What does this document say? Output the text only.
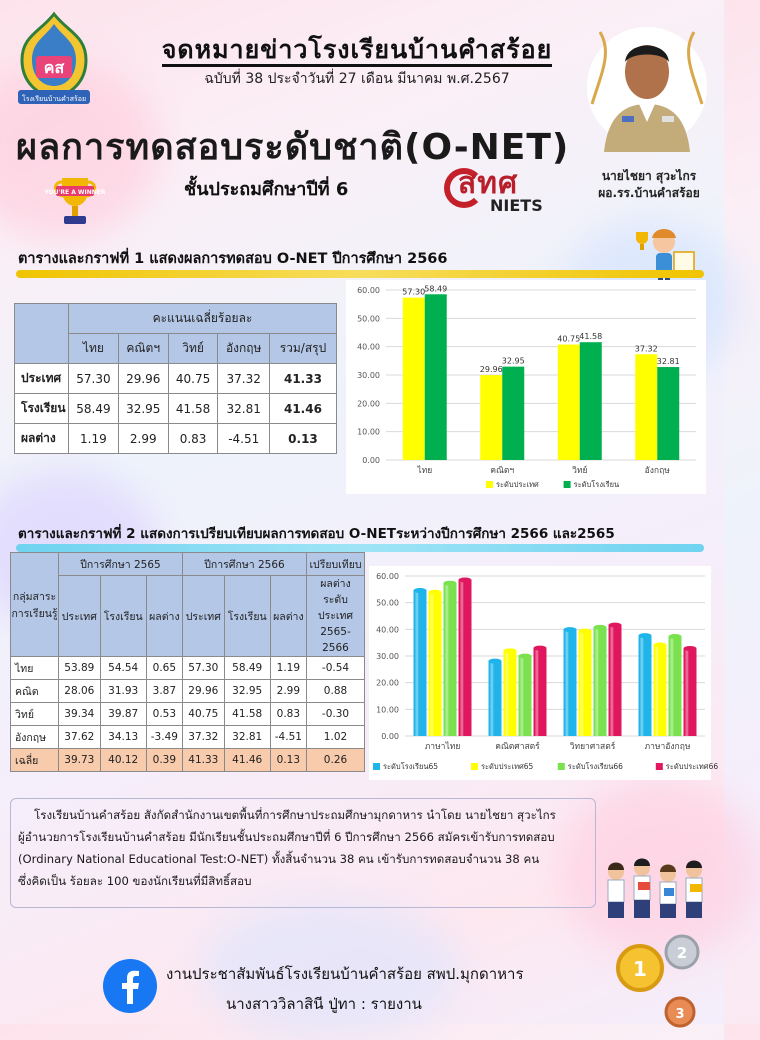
คส
โรงเรียนบ้านคำสร้อย
จดหมายข่าวโรงเรียนบ้านคำสร้อย
ฉบับที่ 38 ประจำวันที่ 27 เดือน มีนาคม พ.ศ.2567
นายไชยา สุวะไกร
ผอ.รร.บ้านคำสร้อย
ผลการทดสอบระดับชาติ(O-NET)
ชั้นประถมศึกษาปีที่ 6
YOU'RE A WINNER	สทศ
NIETS
ตารางและกราฟที่ 1 แสดงผลการทดสอบ O-NET ปีการศึกษา 2566
	คะแนนเฉลี่ยร้อยละ				
	ไทย	คณิตฯ	วิทย์	อังกฤษ	รวม/สรุป
ประเทศ	57.30	29.96	40.75	37.32	41.33
โรงเรียน	58.49	32.95	41.58	32.81	41.46
ผลต่าง	1.19	2.99	0.83	-4.51	0.13
0.00
10.00
20.00
30.00
40.00
50.00
60.00	57.30 58.49
ไทย
29.96
32.95
คณิตฯ
40.75 41.58
วิทย์
37.32
32.81
อังกฤษ
ระดับประเทศ	ระดับโรงเรียน
ตารางและกราฟที่ 2 แสดงการเปรียบเทียบผลการทดสอบ O-NETระหว่างปีการศึกษา 2566 และ2565
กลุ่มสาระการเรียนรู้	ปีการศึกษา 2565			ปีการศึกษา 2566			เปรียบเทียบ
	ประเทศ	โรงเรียน	ผลต่าง	ประเทศ	โรงเรียน	ผลต่าง	ผลต่าง ระดับประเทศ 2565-2566

ไทย	53.89	54.54	0.65	57.30	58.49	1.19	-0.54
คณิต	28.06	31.93	3.87	29.96	32.95	2.99	0.88
วิทย์	39.34	39.87	0.53	40.75	41.58	0.83	-0.30
อังกฤษ	37.62	34.13	-3.49	37.32	32.81	-4.51	1.02
เฉลี่ย	39.73	40.12	0.39	41.33	41.46	0.13	0.26
0.00
10.00
20.00
30.00
40.00
50.00
60.00
ภาษาไทย	คณิตศาสตร์	วิทยาศาสตร์	ภาษาอังกฤษ
ระดับโรงเรียน65	ระดับประเทศ65	ระดับโรงเรียน66	ระดับประเทศ66
โรงเรียนบ้านคำสร้อย สังกัดสำนักงานเขตพื้นที่การศึกษาประถมศึกษามุกดาหาร นำโดย นายไชยา สุวะไกร
ผู้อำนวยการโรงเรียนบ้านคำสร้อย มีนักเรียนชั้นประถมศึกษาปีที่ 6 ปีการศึกษา 2566 สมัครเข้ารับการทดสอบ
(Ordinary National Educational Test:O-NET) ทั้งสิ้นจำนวน 38 คน เข้ารับการทดสอบจำนวน 38 คน
ซึ่งคิดเป็น ร้อยละ 100 ของนักเรียนที่มีสิทธิ์สอบ
2
1
3
งานประชาสัมพันธ์โรงเรียนบ้านคำสร้อย สพป.มุกดาหาร
นางสาววิลาสินี ปู่ทา : รายงาน
